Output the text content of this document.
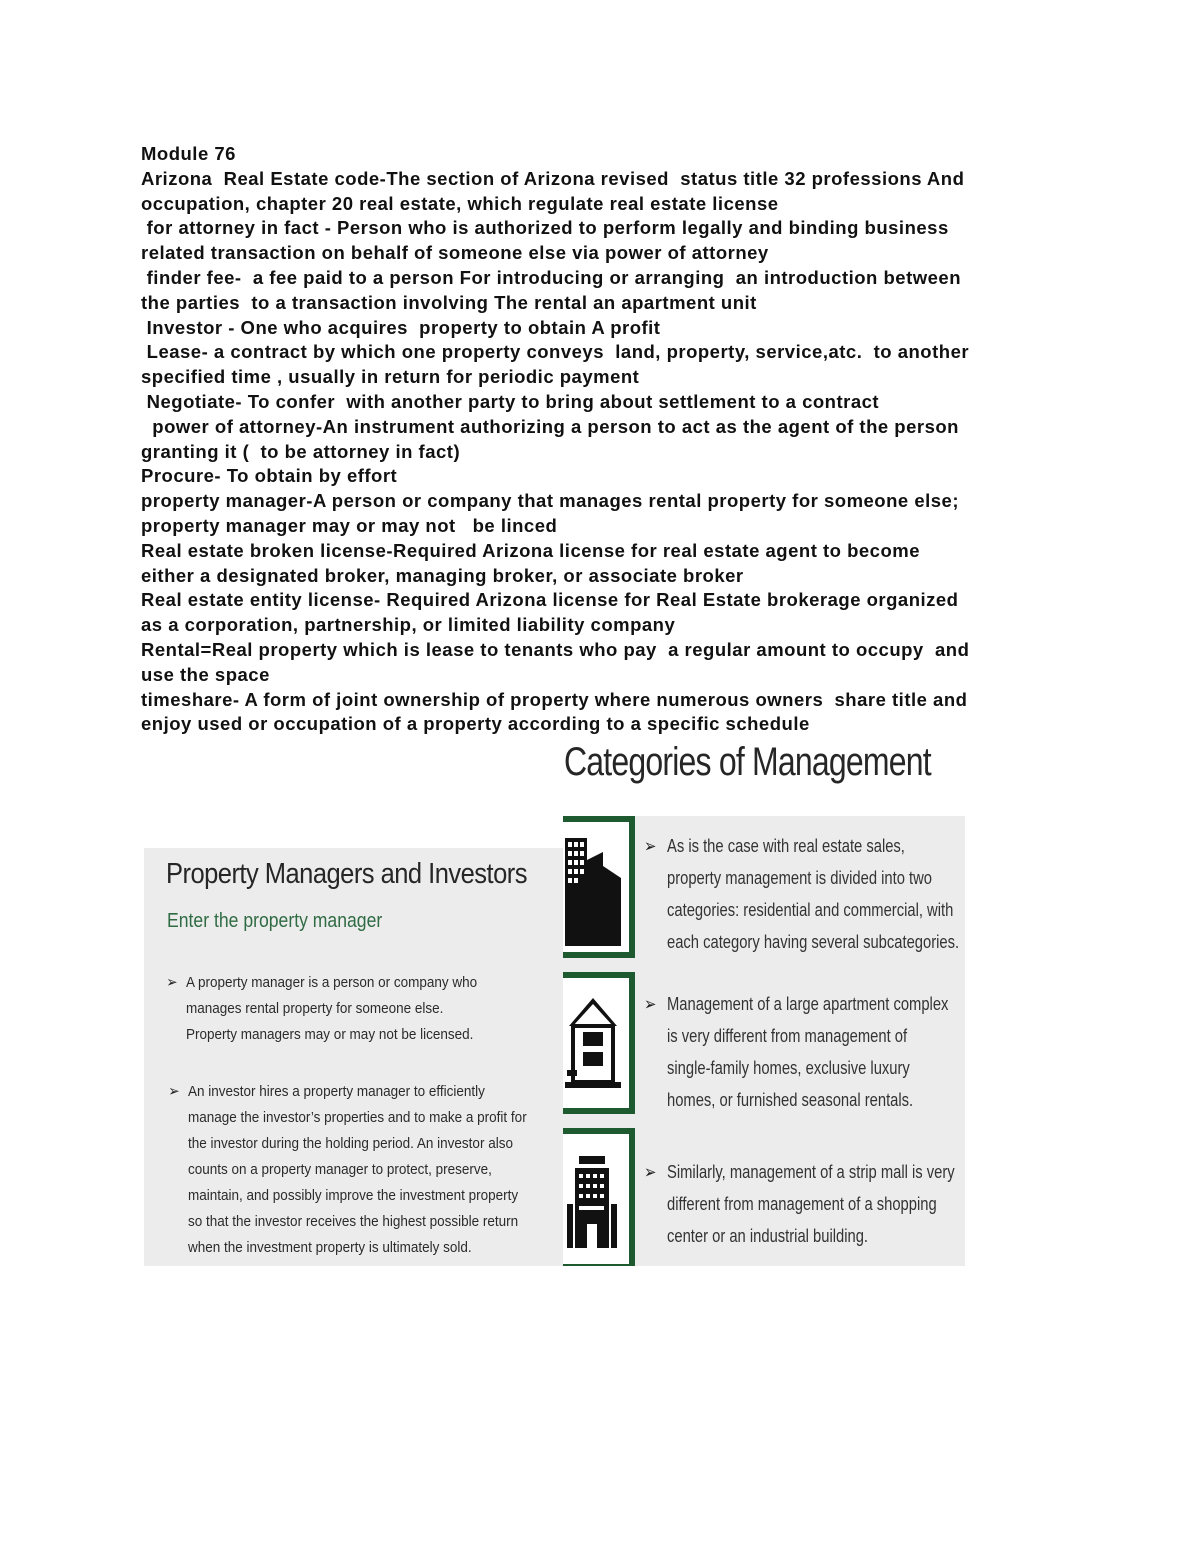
Module 76
Arizona  Real Estate code-The section of Arizona revised  status title 32 professions And
occupation, chapter 20 real estate, which regulate real estate license
for attorney in fact - Person who is authorized to perform legally and binding business
related transaction on behalf of someone else via power of attorney
finder fee-  a fee paid to a person For introducing or arranging  an introduction between
the parties  to a transaction involving The rental an apartment unit
Investor - One who acquires  property to obtain A profit
Lease- a contract by which one property conveys  land, property, service,atc.  to another
specified time , usually in return for periodic payment
Negotiate- To confer  with another party to bring about settlement to a contract
power of attorney-An instrument authorizing a person to act as the agent of the person
granting it (  to be attorney in fact)
Procure- To obtain by effort
property manager-A person or company that manages rental property for someone else;
property manager may or may not   be linced
Real estate broken license-Required Arizona license for real estate agent to become
either a designated broker, managing broker, or associate broker
Real estate entity license- Required Arizona license for Real Estate brokerage organized
as a corporation, partnership, or limited liability company
Rental=Real property which is lease to tenants who pay  a regular amount to occupy  and
use the space
timeshare- A form of joint ownership of property where numerous owners  share title and
enjoy used or occupation of a property according to a specific schedule
Property Managers and Investors
Enter the property manager
➢ A property manager is a person or company who
manages rental property for someone else.
Property managers may or may not be licensed.
➢ An investor hires a property manager to efficiently
manage the investor’s properties and to make a profit for
the investor during the holding period. An investor also
counts on a property manager to protect, preserve,
maintain, and possibly improve the investment property
so that the investor receives the highest possible return
when the investment property is ultimately sold.
Categories of Management
➢ As is the case with real estate sales,
property management is divided into two
categories: residential and commercial, with
each category having several subcategories.
➢ Management of a large apartment complex
is very different from management of
single-family homes, exclusive luxury
homes, or furnished seasonal rentals.
➢ Similarly, management of a strip mall is very
different from management of a shopping
center or an industrial building.
